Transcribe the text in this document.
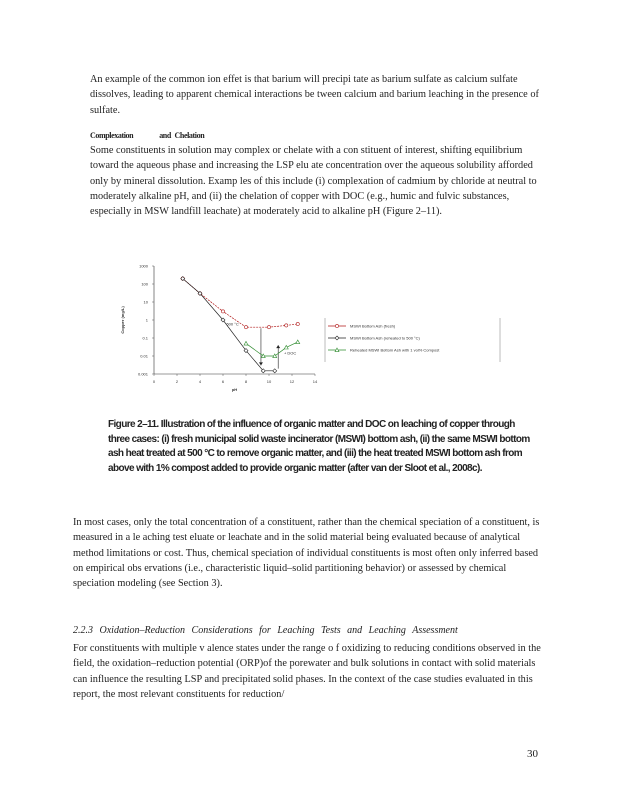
An example of the common ion effet is that barium will precipi tate as barium sulfate as calcium sulfate dissolves, leading to apparent chemical interactions be tween calcium and barium leaching in the presence of sulfate.

Complexation	and Chelation

Some constituents in solution may complex or chelate with a con stituent of interest, shifting equilibrium toward the aqueous phase and increasing the LSP elu ate concentration over the aqueous solubility afforded only by mineral dissolution. Examp les of this include (i) complexation of cadmium by chloride at neutral to moderately alkaline pH, and (ii) the chelation of copper with DOC (e.g., humic and fulvic substances, especially in MSW landfill leachate) at moderately acid to alkaline pH (Figure 2–11).

0	2	4	6	8	10	12	14
1000
100
10
1
0.1
0.01
0.001
pH
Copper (mg/L)	500 °C
+ DOC
MSWI Bottom Ash (fresh)
MSWI Bottom Ash (reheated to 500 °C)
Reheated MSWI Bottom Ash with 1 vol% Compost
Figure 2–11. Illustration of the influence of organic matter and DOC on leaching of copper through three cases: (i) fresh municipal solid waste incinerator (MSWI) bottom ash, (ii) the same MSWI bottom ash heat treated at 500 °C to remove organic matter, and (iii) the heat treated MSWI bottom ash from above with 1% compost added to provide organic matter (after van der Sloot et al., 2008c).

In most cases, only the total concentration of a constituent, rather than the chemical speciation of a constituent, is measured in a le aching test eluate or leachate and in the solid material being evaluated because of analytical method limitations or cost. Thus, chemical speciation of individual constituents is most often only inferred based on empirical obs ervations (i.e., characteristic liquid–solid partitioning behavior) or assessed by chemical speciation modeling (see Section 3).

2.2.3 Oxidation–Reduction Considerations for Leaching Tests and Leaching Assessment

For constituents with multiple v alence states under the range o f oxidizing to reducing conditions observed in the field, the oxidation–reduction potential (ORP)of the porewater and bulk solutions in contact with solid materials can influence the resulting LSP and precipitated solid phases. In the context of the case studies evaluated in this report, the most relevant constituents for reduction/

30
